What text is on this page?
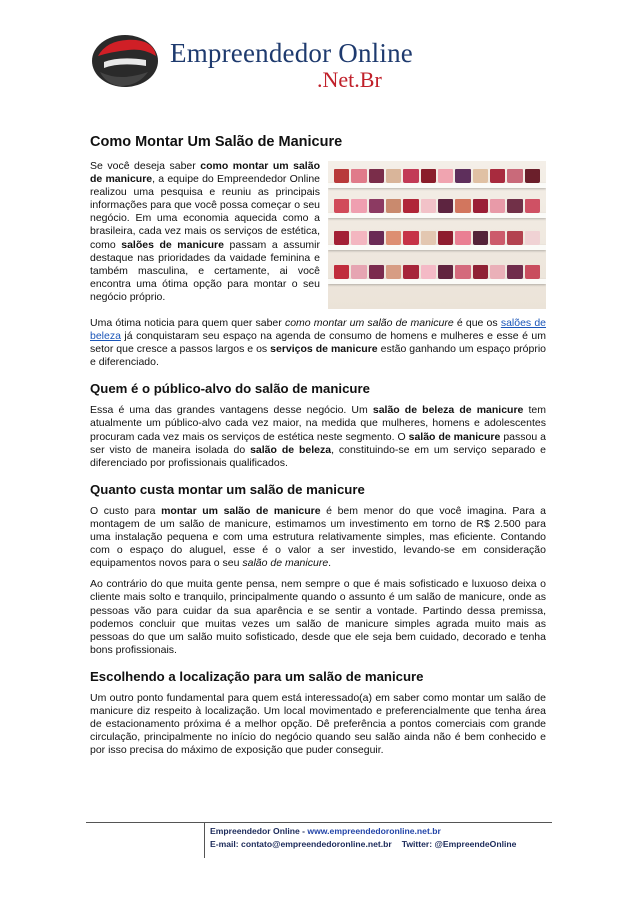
Empreendedor Online
.Net.Br
Como Montar Um Salão de Manicure

Se você deseja saber como montar um salão de manicure, a equipe do Empreendedor Online realizou uma pesquisa e reuniu as principais informações para que você possa começar o seu negócio. Em uma economia aquecida como a brasileira, cada vez mais os serviços de estética, como salões de manicure passam a assumir destaque nas prioridades da vaidade feminina e também masculina, e certamente, ai você encontra uma ótima opção para montar o seu negócio próprio.

Uma ótima noticia para quem quer saber como montar um salão de manicure é que os salões de beleza já conquistaram seu espaço na agenda de consumo de homens e mulheres e esse é um setor que cresce a passos largos e os serviços de manicure estão ganhando um espaço próprio e diferenciado.

Quem é o público-alvo do salão de manicure

Essa é uma das grandes vantagens desse negócio. Um salão de beleza de manicure tem atualmente um público-alvo cada vez maior, na medida que mulheres, homens e adolescentes procuram cada vez mais os serviços de estética neste segmento. O salão de manicure passou a ser visto de maneira isolada do salão de beleza, constituindo-se em um serviço separado e diferenciado por profissionais qualificados.

Quanto custa montar um salão de manicure

O custo para montar um salão de manicure é bem menor do que você imagina. Para a montagem de um salão de manicure, estimamos um investimento em torno de R$ 2.500 para uma instalação pequena e com uma estrutura relativamente simples, mas eficiente. Contando com o espaço do aluguel, esse é o valor a ser investido, levando-se em consideração equipamentos novos para o seu salão de manicure.

Ao contrário do que muita gente pensa, nem sempre o que é mais sofisticado e luxuoso deixa o cliente mais solto e tranquilo, principalmente quando o assunto é um salão de manicure, onde as pessoas vão para cuidar da sua aparência e se sentir a vontade. Partindo dessa premissa, podemos concluir que muitas vezes um salão de manicure simples agrada muito mais as pessoas do que um salão muito sofisticado, desde que ele seja bem cuidado, decorado e tenha bons profissionais.

Escolhendo a localização para um salão de manicure

Um outro ponto fundamental para quem está interessado(a) em saber como montar um salão de manicure diz respeito à localização. Um local movimentado e preferencialmente que tenha área de estacionamento próxima é a melhor opção. Dê preferência a pontos comerciais com grande circulação, principalmente no início do negócio quando seu salão ainda não é bem conhecido e por isso precisa do máximo de exposição que puder conseguir.

Empreendedor Online - www.empreendedoronline.net.br
E-mail: contato@empreendedoronline.net.br Twitter: @EmpreendeOnline
